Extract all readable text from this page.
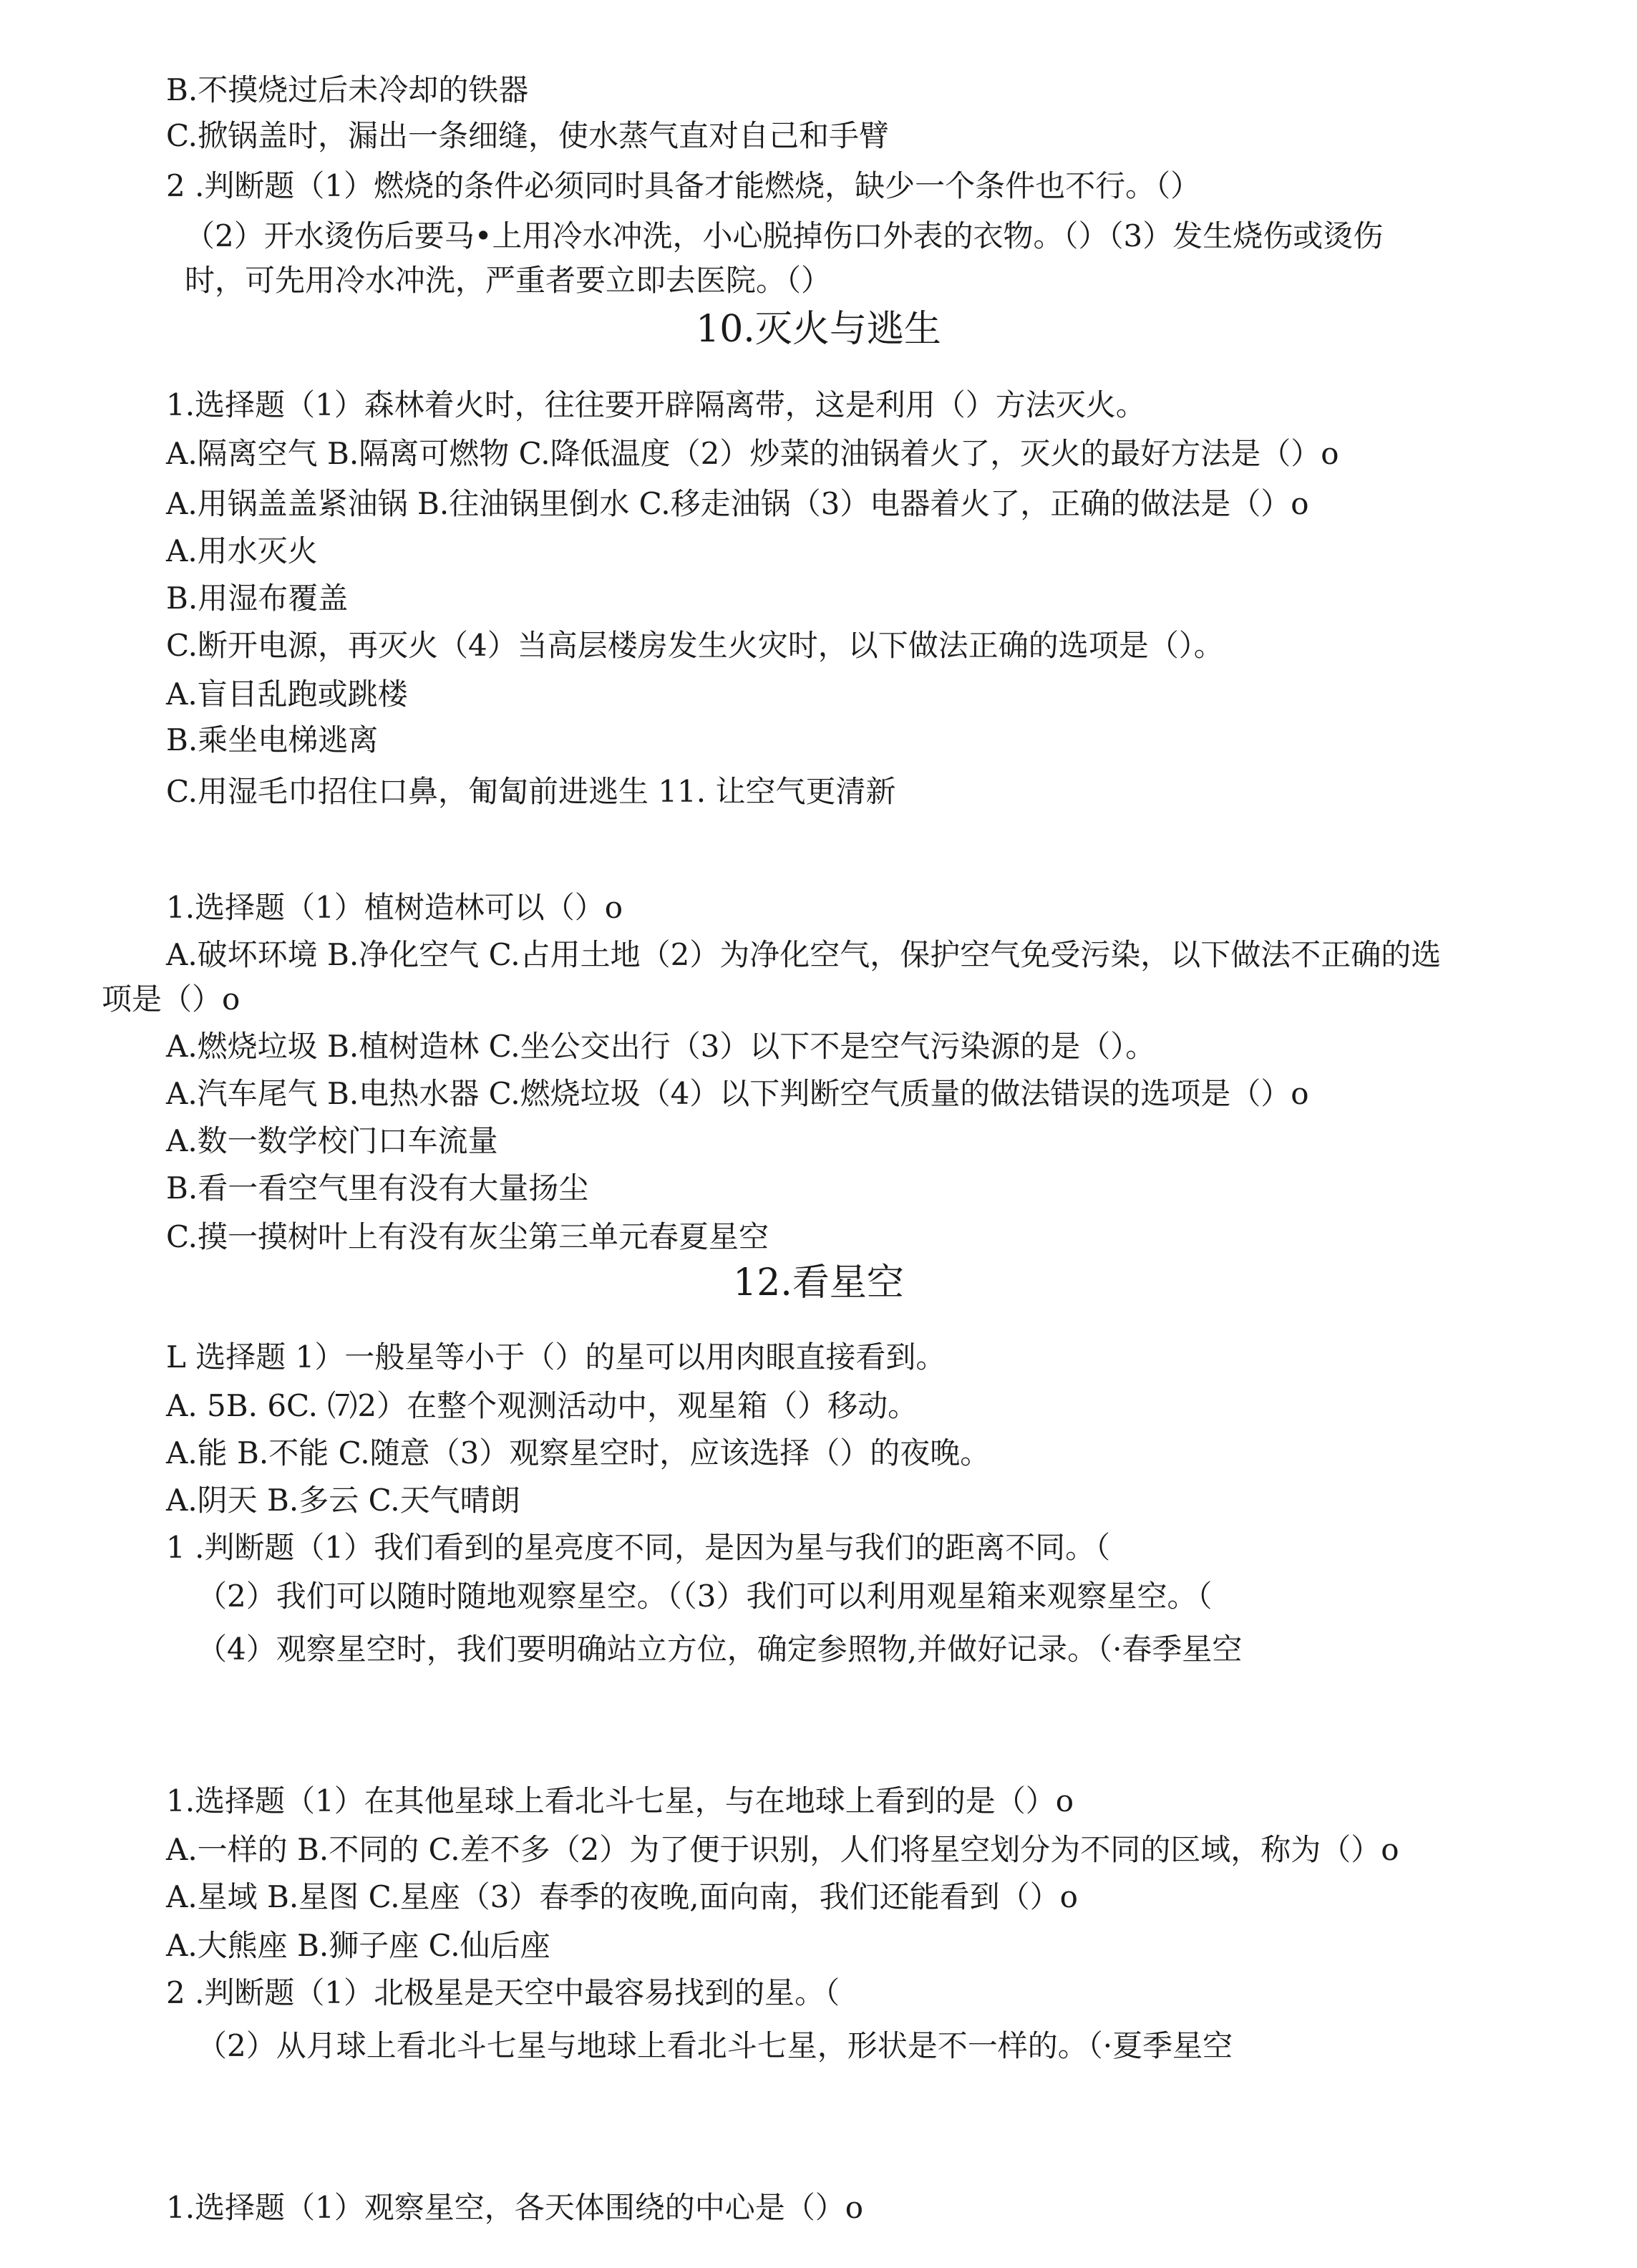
B.不摸烧过后未冷却的铁器
C.掀锅盖时，漏出一条细缝，使水蒸气直对自己和手臂
2 .判断题（1）燃烧的条件必须同时具备才能燃烧，缺少一个条件也不行。（）
（2）开水烫伤后要马•上用冷水冲洗，小心脱掉伤口外表的衣物。（）（3）发生烧伤或烫伤
时，可先用冷水冲洗，严重者要立即去医院。（）
10.灭火与逃生
1.选择题（1）森林着火时，往往要开辟隔离带，这是利用（）方法灭火。
A.隔离空气 B.隔离可燃物 C.降低温度（2）炒菜的油锅着火了，灭火的最好方法是（）o
A.用锅盖盖紧油锅 B.往油锅里倒水 C.移走油锅（3）电器着火了，正确的做法是（）o
A.用水灭火
B.用湿布覆盖
C.断开电源，再灭火（4）当高层楼房发生火灾时，以下做法正确的选项是（）。
A.盲目乱跑或跳楼
B.乘坐电梯逃离
C.用湿毛巾招住口鼻，匍匐前进逃生 11. 让空气更清新
1.选择题（1）植树造林可以（）o
A.破坏环境 B.净化空气 C.占用土地（2）为净化空气，保护空气免受污染，以下做法不正确的选
项是（）o
A.燃烧垃圾 B.植树造林 C.坐公交出行（3）以下不是空气污染源的是（）。
A.汽车尾气 B.电热水器 C.燃烧垃圾（4）以下判断空气质量的做法错误的选项是（）o
A.数一数学校门口车流量
B.看一看空气里有没有大量扬尘
C.摸一摸树叶上有没有灰尘第三单元春夏星空
12.看星空
L 选择题 1）一般星等小于（）的星可以用肉眼直接看到。
A. 5B. 6C. ⑺2）在整个观测活动中，观星箱（）移动。
A.能 B.不能 C.随意（3）观察星空时，应该选择（）的夜晚。
A.阴天 B.多云 C.天气晴朗
1 .判断题（1）我们看到的星亮度不同，是因为星与我们的距离不同。（
（2）我们可以随时随地观察星空。（（3）我们可以利用观星箱来观察星空。（
（4）观察星空时，我们要明确站立方位，确定参照物,并做好记录。（·春季星空
1.选择题（1）在其他星球上看北斗七星，与在地球上看到的是（）o
A.一样的 B.不同的 C.差不多（2）为了便于识别，人们将星空划分为不同的区域，称为（）o
A.星域 B.星图 C.星座（3）春季的夜晚,面向南，我们还能看到（）o
A.大熊座 B.狮子座 C.仙后座
2 .判断题（1）北极星是天空中最容易找到的星。（
（2）从月球上看北斗七星与地球上看北斗七星，形状是不一样的。（·夏季星空
1.选择题（1）观察星空，各天体围绕的中心是（）o
